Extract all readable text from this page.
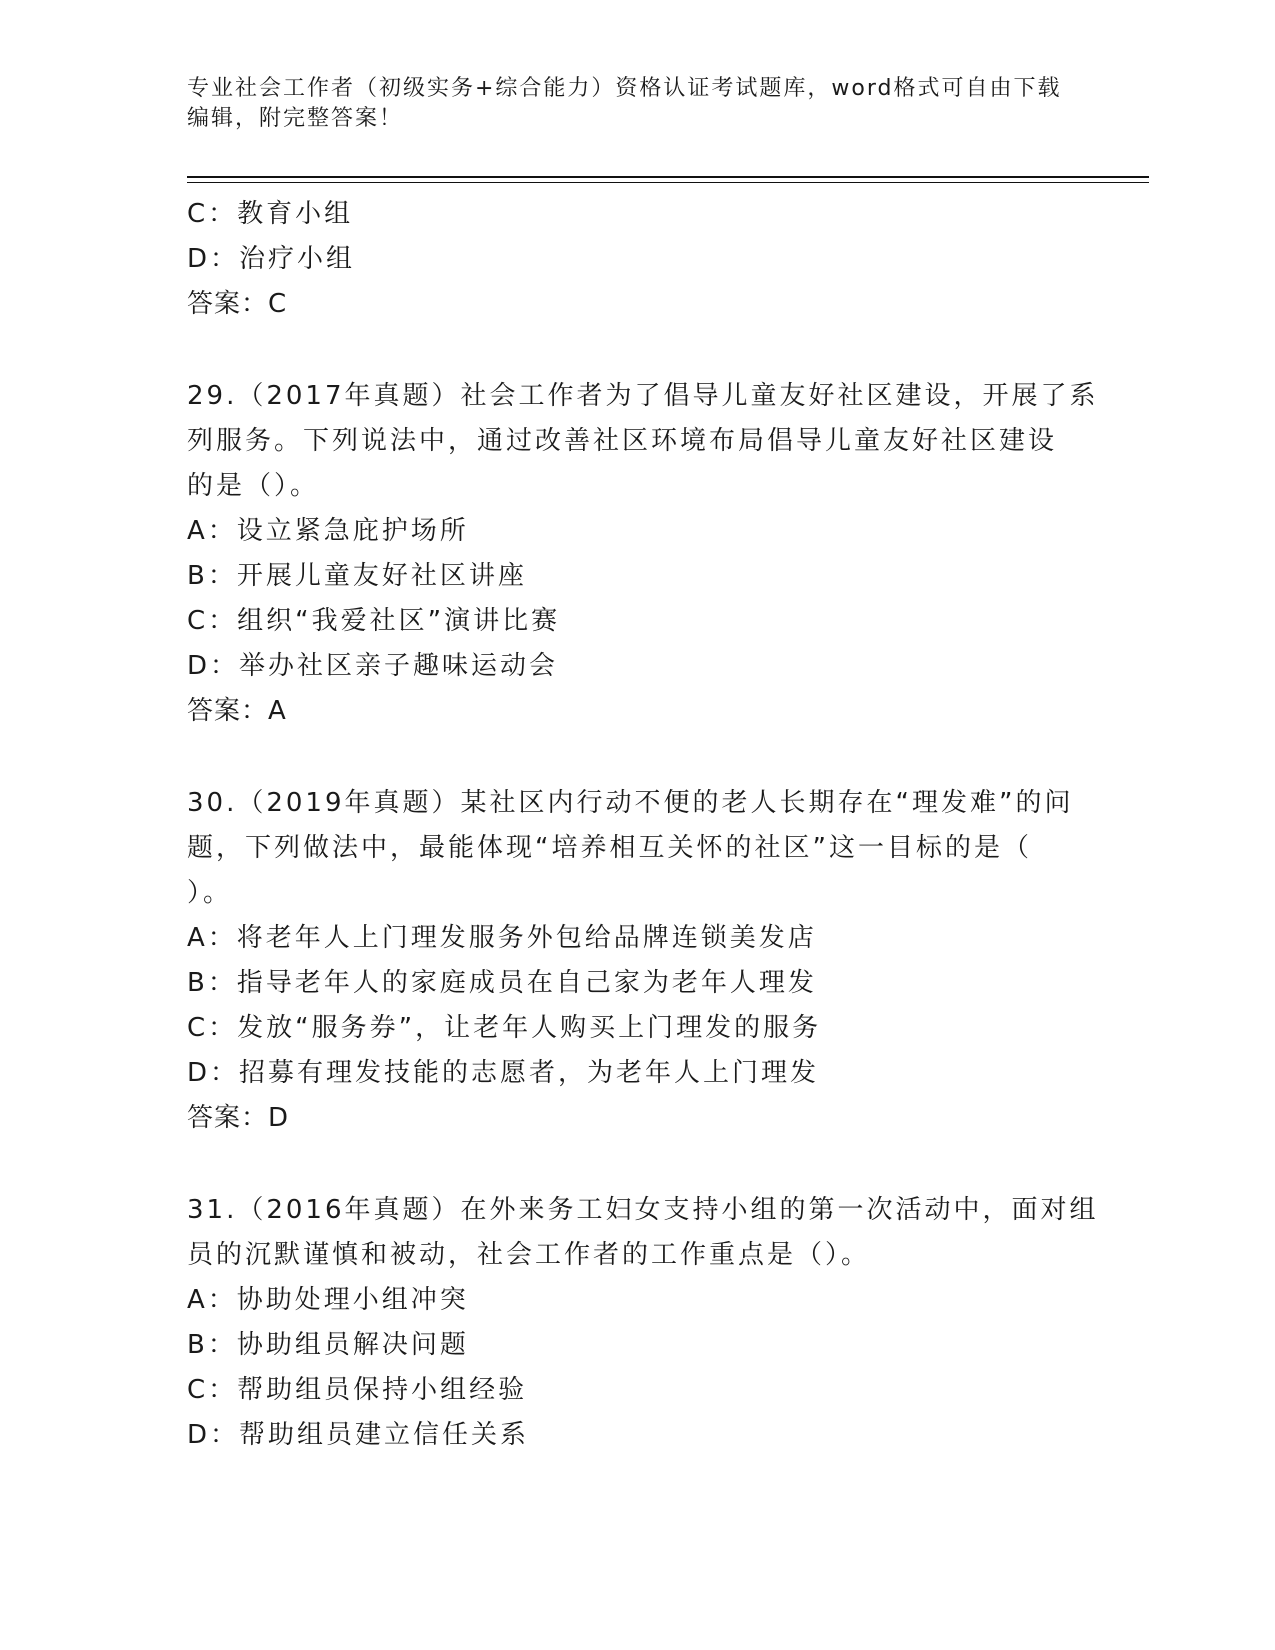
专业社会工作者（初级实务+综合能力）资格认证考试题库，word格式可自由下载
编辑，附完整答案！
C：教育小组
D：治疗小组
答案：C
29.（2017年真题）社会工作者为了倡导儿童友好社区建设，开展了系
列服务。下列说法中，通过改善社区环境布局倡导儿童友好社区建设
的是（）。
A：设立紧急庇护场所
B：开展儿童友好社区讲座
C：组织“我爱社区”演讲比赛
D：举办社区亲子趣味运动会
答案：A
30.（2019年真题）某社区内行动不便的老人长期存在“理发难”的问
题，下列做法中，最能体现“培养相互关怀的社区”这一目标的是（
）。
A：将老年人上门理发服务外包给品牌连锁美发店
B：指导老年人的家庭成员在自己家为老年人理发
C：发放“服务券”，让老年人购买上门理发的服务
D：招募有理发技能的志愿者，为老年人上门理发
答案：D
31.（2016年真题）在外来务工妇女支持小组的第一次活动中，面对组
员的沉默谨慎和被动，社会工作者的工作重点是（）。
A：协助处理小组冲突
B：协助组员解决问题
C：帮助组员保持小组经验
D：帮助组员建立信任关系
